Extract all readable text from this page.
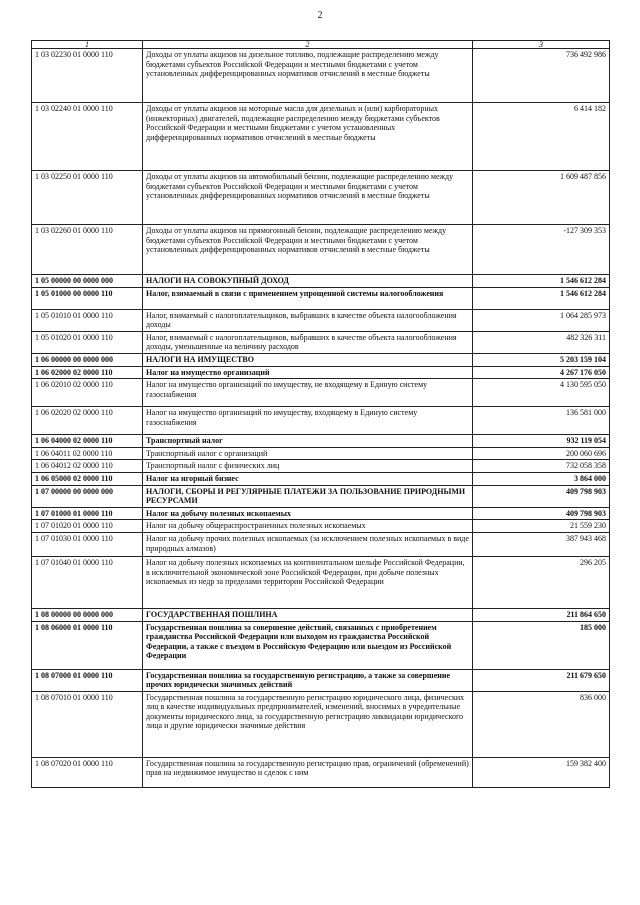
2
1	2	3
1 03 02230 01 0000 110	Доходы от уплаты акцизов на дизельное топливо, подлежащие распределению между бюджетами субъектов Российской Федерации и местными бюджетами с учетом установленных дифференцированных нормативов отчислений в местные бюджеты	736 492 986
1 03 02240 01 0000 110	Доходы от уплаты акцизов на моторные масла для дизельных и (или) карбюраторных (инжекторных) двигателей, подлежащие распределению между бюджетами субъектов Российской Федерации и местными бюджетами с учетом установленных дифференцированных нормативов отчислений в местные бюджеты	6 414 182
1 03 02250 01 0000 110	Доходы от уплаты акцизов на автомобильный бензин, подлежащие распределению между бюджетами субъектов Российской Федерации и местными бюджетами с учетом установленных дифференцированных нормативов отчислений в местные бюджеты	1 609 487 856
1 03 02260 01 0000 110	Доходы от уплаты акцизов на прямогонный бензин, подлежащие распределению между бюджетами субъектов Российской Федерации и местными бюджетами с учетом установленных дифференцированных нормативов отчислений в местные бюджеты	-127 309 353
1 05 00000 00 0000 000	НАЛОГИ НА СОВОКУПНЫЙ ДОХОД	1 546 612 284
1 05 01000 00 0000 110	Налог, взимаемый в связи с применением упрощенной системы налогообложения	1 546 612 284
1 05 01010 01 0000 110	Налог, взимаемый с налогоплательщиков, выбравших в качестве объекта налогообложения доходы	1 064 285 973
1 05 01020 01 0000 110	Налог, взимаемый с налогоплательщиков, выбравших в качестве объекта налогообложения доходы, уменьшенные на величину расходов	482 326 311
1 06 00000 00 0000 000	НАЛОГИ НА ИМУЩЕСТВО	5 203 159 104
1 06 02000 02 0000 110	Налог на имущество организаций	4 267 176 050
1 06 02010 02 0000 110	Налог на имущество организаций по имуществу, не входящему в Единую систему газоснабжения	4 130 595 050
1 06 02020 02 0000 110	Налог на имущество организаций по имуществу, входящему в Единую систему газоснабжения	136 581 000
1 06 04000 02 0000 110	Транспортный налог	932 119 054
1 06 04011 02 0000 110	Транспортный налог с организаций	200 060 696
1 06 04012 02 0000 110	Транспортный налог с физических лиц	732 058 358
1 06 05000 02 0000 110	Налог на игорный бизнес	3 864 000
1 07 00000 00 0000 000	НАЛОГИ, СБОРЫ И РЕГУЛЯРНЫЕ ПЛАТЕЖИ ЗА ПОЛЬЗОВАНИЕ ПРИРОДНЫМИ РЕСУРСАМИ	409 798 903
1 07 01000 01 0000 110	Налог на добычу полезных ископаемых	409 798 903
1 07 01020 01 0000 110	Налог на добычу общераспространенных полезных ископаемых	21 559 230
1 07 01030 01 0000 110	Налог на добычу прочих полезных ископаемых (за исключением полезных ископаемых в виде природных алмазов)	387 943 468
1 07 01040 01 0000 110	Налог на добычу полезных ископаемых на континентальном шельфе Российской Федерации, в исключительной экономической зоне Российской Федерации, при добыче полезных ископаемых из недр за пределами территории Российской Федерации	296 205
1 08 00000 00 0000 000	ГОСУДАРСТВЕННАЯ ПОШЛИНА	211 864 650
1 08 06000 01 0000 110	Государственная пошлина за совершение действий, связанных с приобретением гражданства Российской Федерации или выходом из гражданства Российской Федерации, а также с въездом в Российскую Федерацию или выездом из Российской Федерации	185 000
1 08 07000 01 0000 110	Государственная пошлина за государственную регистрацию, а также за совершение прочих юридически значимых действий	211 679 650
1 08 07010 01 0000 110	Государственная пошлина за государственную регистрацию юридического лица, физических лиц в качестве индивидуальных предпринимателей, изменений, вносимых в учредительные документы юридического лица, за государственную регистрацию ликвидации юридического лица и другие юридически значимые действия	836 000
1 08 07020 01 0000 110	Государственная пошлина за государственную регистрацию прав, ограничений (обременений) прав на недвижимое имущество и сделок с ним	159 382 400
